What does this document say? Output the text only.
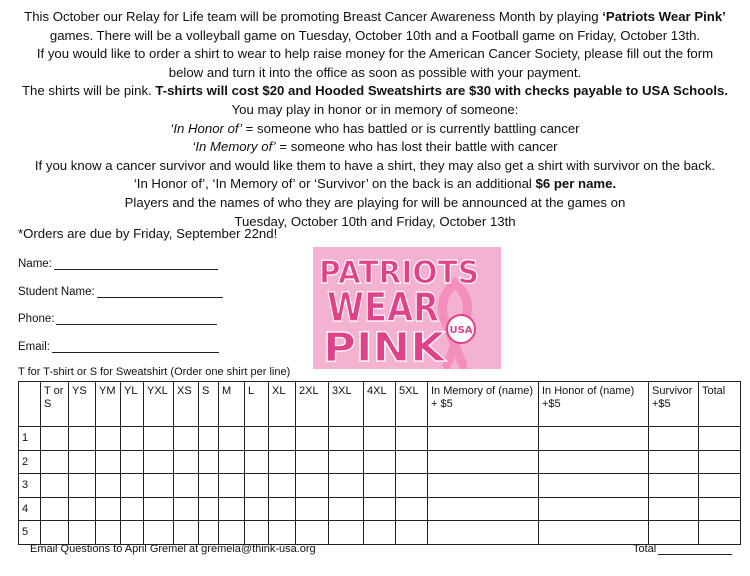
This October our Relay for Life team will be promoting Breast Cancer Awareness Month by playing ‘Patriots Wear Pink’

games. There will be a volleyball game on Tuesday, October 10th and a Football game on Friday, October 13th.

If you would like to order a shirt to wear to help raise money for the American Cancer Society, please fill out the form

below and turn it into the office as soon as possible with your payment.

The shirts will be pink. T-shirts will cost $20 and Hooded Sweatshirts are $30 with checks payable to USA Schools.

You may play in honor or in memory of someone:

‘In Honor of’ = someone who has battled or is currently battling cancer

‘In Memory of’ = someone who has lost their battle with cancer

If you know a cancer survivor and would like them to have a shirt, they may also get a shirt with survivor on the back.

‘In Honor of’, ‘In Memory of’ or ‘Survivor’ on the back is an additional $6 per name.

Players and the names of who they are playing for will be announced at the games on

Tuesday, October 10th and Friday, October 13th

*Orders are due by Friday, September 22nd!
Name:
Student Name:
Phone:
Email:
PATRIOTS
WEAR
PINK USA
T for T-shirt or S for Sweatshirt (Order one shirt per line)
	T or S	YS	YM	YL	YXL	XS	S	M	L	XL	2XL	3XL	4XL	5XL	In Memory of (name) + $5	In Honor of (name) +$5	Survivor +$5	Total
1																		
2																		
3																		
4																		
5																		
Email Questions to April Gremel at gremela@think-usa.org	Total
